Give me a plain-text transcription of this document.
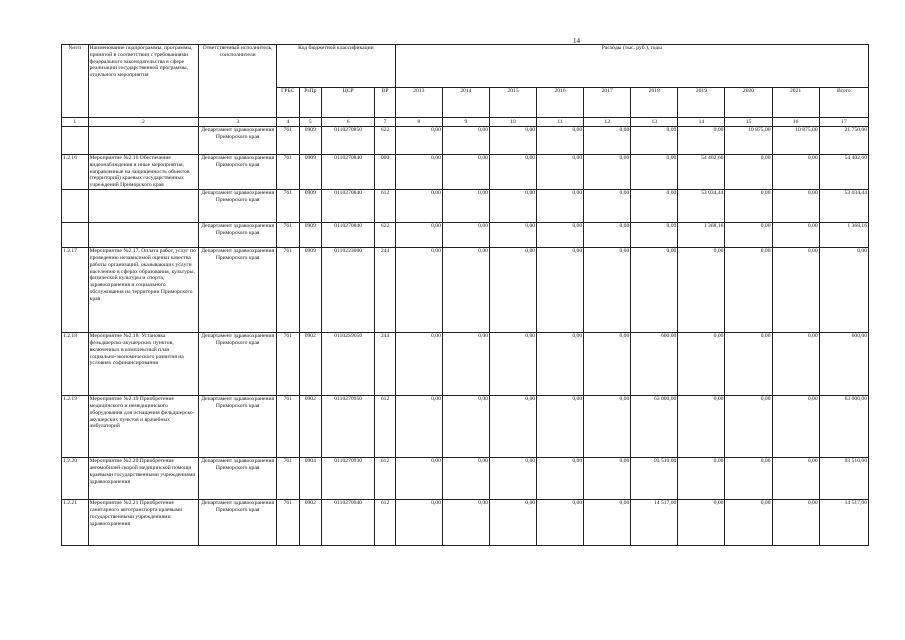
14
№п/п	Наименование подпрограммы, программы, принятой в соответствии с требованиями федерального законодательства в сфере реализации государственной программы, отдельного мероприятия	Ответственный исполнитель, соисполнители	Код бюджетной классификации				Расходы (тыс. руб.), годы									
			ГРБС	РзПр	ЦСР	ВР	2013	2014	2015	2016	2017	2018	2019	2020	2021	Всего
1	2	3	4	5	6	7	8	9	10	11	12	13	14	15	16	17
		Департамент здравоохранения Приморского края	761	0909	0110270850	622	0,00	0,00	0,00	0,00	0,00	0,00	0,00	10 875,00	10 875,00	21 750,00
1.2.16	Мероприятие №2.16 Обеспечение видеонаблюдения и иные мероприятия, направленные на защищенность объектов (территорий) краевых государственных учреждений Приморского края	Департамент здравоохранения Приморского края	761	0909	0110270840	000	0,00	0,00	0,00	0,00	0,00	0,00	54 402,60	0,00	0,00	54 402,60
		Департамент здравоохранения Приморского края	761	0909	0110270840	612	0,00	0,00	0,00	0,00	0,00	0,00	53 034,44	0,00	0,00	53 034,44
		Департамент здравоохранения Приморского края	761	0909	0110270840	622	0,00	0,00	0,00	0,00	0,00	0,00	1 368,16	0,00	0,00	1 368,16
1.2.17	Мероприятие №2.17. Оплата работ, услуг по проведению независимой оценки качества работы организаций, оказывающих услуги населению в сферах образования, культуры, физической культуры и спорта, здравоохранения и социального обслуживания на территории Приморского края	Департамент здравоохранения Приморского края	761	0909	0110223000	244	0,00	0,00	0,00	0,00	0,00	0,00	0,00	0,00	0,00	0,00
1.2.18	Мероприятие №2.18. Установка фельдшерско-акушерских пунктов, включенных в комплексный план социально-экономического развития на условиях софинансирования	Департамент здравоохранения Приморского края	761	0902	01102S9050	244	0,00	0,00	0,00	0,00	0,00	600,00	0,00	0,00	0,00	600,00
1.2.19	Мероприятие №2.19 Приобретение медицинского и немедицинского оборудования для оснащения фельдшерско-акушерских пунктов и врачебных амбулаторий	Департамент здравоохранения Приморского края	761	0902	0110270950	612	0,00	0,00	0,00	0,00	0,00	63 000,00	0,00	0,00	0,00	63 000,00
1.2.20	Мероприятие №2.20 Приобретение автомобилей скорой медицинской помощи краевыми государственными учреждениями здравоохранения	Департамент здравоохранения Приморского края	761	0904	0110270930	612	0,00	0,00	0,00	0,00	0,00	93 510,00	0,00	0,00	0,00	93 510,00
1.2.21	Мероприятие №2.21 Приобретение санитарного автотранспорта краевыми государственными учреждениями здравоохранения	Департамент здравоохранения Приморского края	761	0902	0110270940	612	0,00	0,00	0,00	0,00	0,00	14 517,00	0,00	0,00	0,00	14 517,00
